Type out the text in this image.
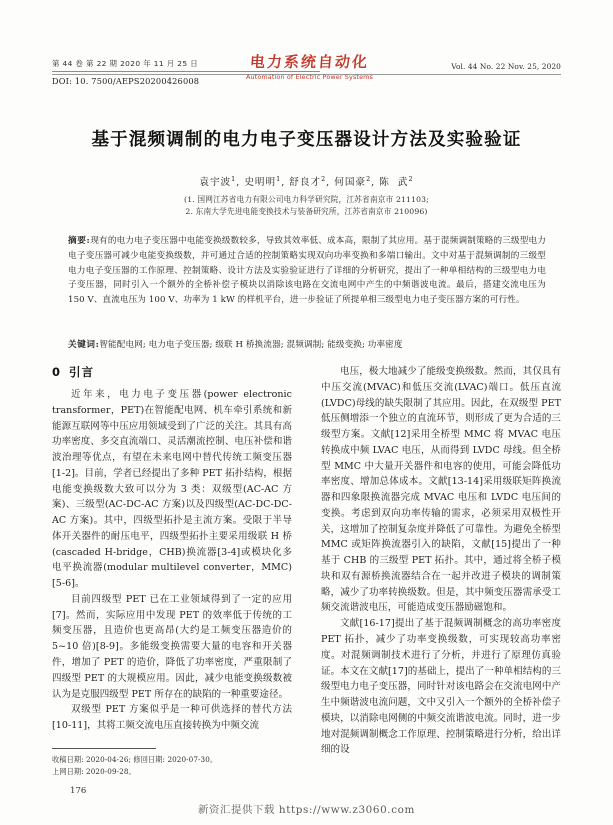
第 44 卷 第 22 期 2020 年 11 月 25 日
DOI: 10. 7500/AEPS20200426008
电力系统自动化
Automation of Electric Power Systems
Vol. 44 No. 22 Nov. 25, 2020
基于混频调制的电力电子变压器设计方法及实验验证
袁宇波$^1$, 史明明$^1$, 舒良才$^2$, 何国豪$^2$, 陈  武$^2$
(1. 国网江苏省电力有限公司电力科学研究院，江苏省南京市 211103;
2. 东南大学先进电能变换技术与装备研究所，江苏省南京市 210096)
摘要:现有的电力电子变压器中电能变换级数较多，导致其效率低、成本高，限制了其应用。基于混频调制策略的三级型电力电子变压器可减少电能变换级数，并可通过合适的控制策略实现双向功率变换和多端口输出。文中对基于混频调制的三级型电力电子变压器的工作原理、控制策略、设计方法及实验验证进行了详细的分析研究，提出了一种单相结构的三级型电力电子变压器，同时引入一个额外的全桥补偿子模块以消除该电路在交流电网中产生的中频谐波电流。最后，搭建交流电压为 150 V、直流电压为 100 V、功率为 1 kW 的样机平台，进一步验证了所提单相三级型电力电子变压器方案的可行性。
关键词:智能配电网; 电力电子变压器; 级联 H 桥换流器; 混频调制; 能级变换; 功率密度
0 引言

近年来，电力电子变压器(power electronic transformer，PET)在智能配电网、机车牵引系统和新能源互联网等中压应用领域受到了广泛的关注。其具有高功率密度、多交直流端口、灵活潮流控制、电压补偿和谐波治理等优点，有望在未来电网中替代传统工频变压器[1-2]。目前，学者已经提出了多种 PET 拓扑结构，根据电能变换级数大致可以分为 3 类：双级型(AC-AC 方案)、三级型(AC-DC-AC 方案)以及四级型(AC-DC-DC-AC 方案)。其中，四级型拓扑是主流方案。受限于半导体开关器件的耐压电平，四级型拓扑主要采用级联 H 桥(cascaded H-bridge，CHB)换流器[3-4]或模块化多电平换流器(modular multilevel converter，MMC)[5-6]。

目前四级型 PET 已在工业领域得到了一定的应用[7]。然而，实际应用中发现 PET 的效率低于传统的工频变压器，且造价也更高昂(大约是工频变压器造价的 5~10 倍)[8-9]。多能级变换需要大量的电容和开关器件，增加了 PET 的造价，降低了功率密度，严重限制了四级型 PET 的大规模应用。因此，减少电能变换级数被认为是克服四级型 PET 所存在的缺陷的一种重要途径。

双级型 PET 方案似乎是一种可供选择的替代方法[10-11]，其将工频交流电压直接转换为中频交流

电压，极大地减少了能级变换级数。然而，其仅具有中压交流(MVAC)和低压交流(LVAC)端口。低压直流(LVDC)母线的缺失限制了其应用。因此，在双级型 PET 低压侧增添一个独立的直流环节，则形成了更为合适的三级型方案。文献[12]采用全桥型 MMC 将 MVAC 电压转换成中频 LVAC 电压，从而得到 LVDC 母线。但全桥型 MMC 中大量开关器件和电容的使用，可能会降低功率密度、增加总体成本。文献[13-14]采用级联矩阵换流器和四象限换流器完成 MVAC 电压和 LVDC 电压间的变换。考虑到双向功率传输的需求，必须采用双极性开关，这增加了控制复杂度并降低了可靠性。为避免全桥型 MMC 或矩阵换流器引入的缺陷，文献[15]提出了一种基于 CHB 的三级型 PET 拓扑。其中，通过将全桥子模块和双有源桥换流器结合在一起并改进子模块的调制策略，减少了功率转换级数。但是，其中频变压器需承受工频交流谐波电压，可能造成变压器励磁饱和。

文献[16-17]提出了基于混频调制概念的高功率密度 PET 拓扑，减少了功率变换级数，可实现较高功率密度。对混频调制技术进行了分析，并进行了原理仿真验证。本文在文献[17]的基础上，提出了一种单相结构的三级型电力电子变压器，同时针对该电路会在交流电网中产生中频谐波电流问题，文中又引入一个额外的全桥补偿子模块，以消除电网侧的中频交流谐波电流。同时，进一步地对混频调制概念工作原理、控制策略进行分析，给出详细的设

收稿日期: 2020-04-26; 修回日期: 2020-07-30。
上网日期: 2020-09-28。
176
新资汇提供下载 https://www.z3060.com
